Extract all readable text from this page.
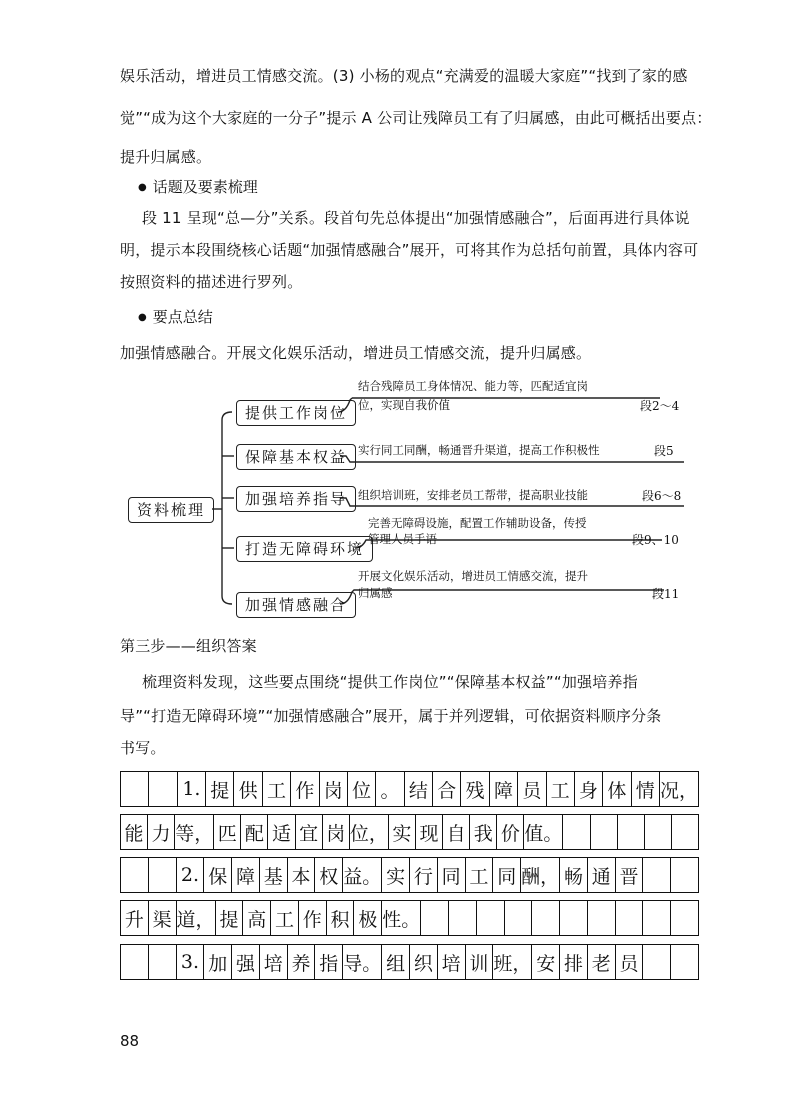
娱乐活动，增进员工情感交流。(3) 小杨的观点“充满爱的温暖大家庭”“找到了家的感
觉”“成为这个大家庭的一分子”提示 A 公司让残障员工有了归属感，由此可概括出要点：
提升归属感。
● 话题及要素梳理
段 11 呈现“总—分”关系。段首句先总体提出“加强情感融合”，后面再进行具体说
明，提示本段围绕核心话题“加强情感融合”展开，可将其作为总括句前置，具体内容可
按照资料的描述进行罗列。
● 要点总结
加强情感融合。开展文化娱乐活动，增进员工情感交流，提升归属感。
资料梳理
提供工作岗位
保障基本权益
加强培养指导
打造无障碍环境
加强情感融合
结合残障员工身体情况、能力等，匹配适宜岗
位，实现自我价值	段2～4
实行同工同酬，畅通晋升渠道，提高工作积极性	段5
组织培训班，安排老员工帮带，提高职业技能	段6～8
完善无障碍设施，配置工作辅助设备，传授
管理人员手语	段9、10
开展文化娱乐活动，增进员工情感交流，提升
归属感	段11
第三步——组织答案
梳理资料发现，这些要点围绕“提供工作岗位”“保障基本权益”“加强培养指
导”“打造无障碍环境”“加强情感融合”展开，属于并列逻辑，可依据资料顺序分条
书写。
1. 提 供 工 作 岗 位 。 结 合 残 障 员 工 身 体 情 况，
能 力 等， 匹 配 适 宜 岗 位， 实 现 自 我 价 值。
2. 保 障 基 本 权 益。 实 行 同 工 同 酬， 畅 通 晋
升 渠 道， 提 高 工 作 积 极 性。
3. 加 强 培 养 指 导。 组 织 培 训 班， 安 排 老 员
88
